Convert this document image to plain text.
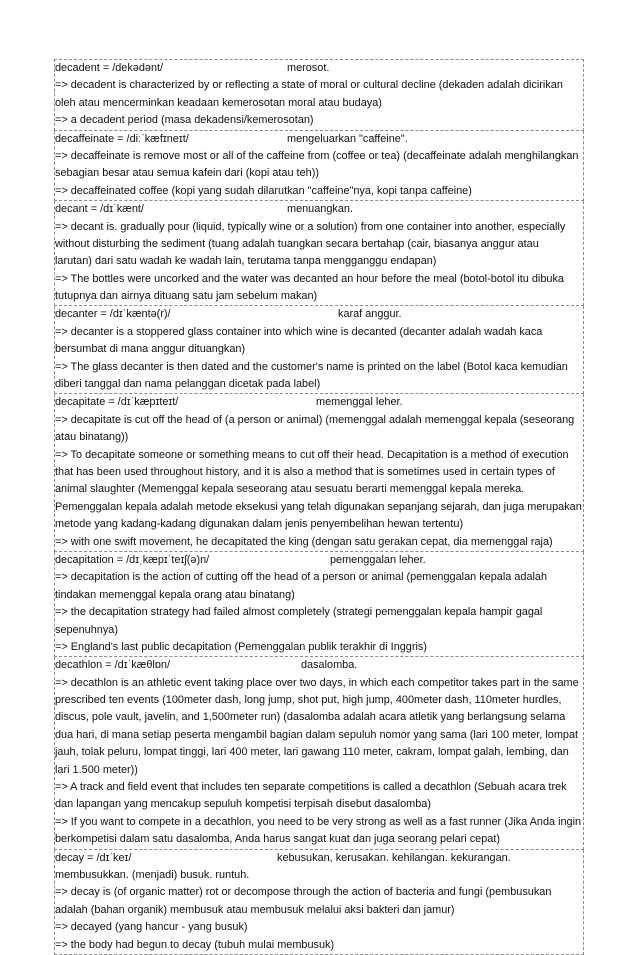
decadent = /dekədənt/	merosot.
=> decadent is characterized by or reflecting a state of moral or cultural decline (dekaden adalah dicirikan
oleh atau mencerminkan keadaan kemerosotan moral atau budaya)
=> a decadent period (masa dekadensi/kemerosotan)
decaffeinate = /diːˈkæfɪneɪt/	mengeluarkan "caffeine".
=> decaffeinate is remove most or all of the caffeine from (coffee or tea) (decaffeinate adalah menghilangkan
sebagian besar atau semua kafein dari (kopi atau teh))
=> decaffeinated coffee (kopi yang sudah dilarutkan "caffeine"nya, kopi tanpa caffeine)
decant = /dɪˈkænt/	menuangkan.
=> decant is. gradually pour (liquid, typically wine or a solution) from one container into another, especially
without disturbing the sediment (tuang adalah tuangkan secara bertahap (cair, biasanya anggur atau
larutan) dari satu wadah ke wadah lain, terutama tanpa mengganggu endapan)
=> The bottles were uncorked and the water was decanted an hour before the meal (botol-botol itu dibuka
tutupnya dan airnya dituang satu jam sebelum makan)
decanter = /dɪˈkæntə(r)/	karaf anggur.
=> decanter is a stoppered glass container into which wine is decanted (decanter adalah wadah kaca
bersumbat di mana anggur dituangkan)
=> The glass decanter is then dated and the customer's name is printed on the label (Botol kaca kemudian
diberi tanggal dan nama pelanggan dicetak pada label)
decapitate = /dɪˈkæpɪteɪt/	memenggal leher.
=> decapitate is cut off the head of (a person or animal) (memenggal adalah memenggal kepala (seseorang
atau binatang))
=> To decapitate someone or something means to cut off their head. Decapitation is a method of execution
that has been used throughout history, and it is also a method that is sometimes used in certain types of
animal slaughter (Memenggal kepala seseorang atau sesuatu berarti memenggal kepala mereka.
Pemenggalan kepala adalah metode eksekusi yang telah digunakan sepanjang sejarah, dan juga merupakan
metode yang kadang-kadang digunakan dalam jenis penyembelihan hewan tertentu)
=> with one swift movement, he decapitated the king (dengan satu gerakan cepat, dia memenggal raja)
decapitation = /dɪˌkæpɪˈteɪʃ(ə)n/	pemenggalan leher.
=> decapitation is the action of cutting off the head of a person or animal (pemenggalan kepala adalah
tindakan memenggal kepala orang atau binatang)
=> the decapitation strategy had failed almost completely (strategi pemenggalan kepala hampir gagal
sepenuhnya)
=> England's last public decapitation (Pemenggalan publik terakhir di Inggris)
decathlon = /dɪˈkæθlɒn/	dasalomba.
=> decathlon is an athletic event taking place over two days, in which each competitor takes part in the same
prescribed ten events (100meter dash, long jump, shot put, high jump, 400meter dash, 110meter hurdles,
discus, pole vault, javelin, and 1,500meter run) (dasalomba adalah acara atletik yang berlangsung selama
dua hari, di mana setiap peserta mengambil bagian dalam sepuluh nomor yang sama (lari 100 meter, lompat
jauh, tolak peluru, lompat tinggi, lari 400 meter, lari gawang 110 meter, cakram, lompat galah, lembing, dan
lari 1.500 meter))
=> A track and field event that includes ten separate competitions is called a decathlon (Sebuah acara trek
dan lapangan yang mencakup sepuluh kompetisi terpisah disebut dasalomba)
=> If you want to compete in a decathlon, you need to be very strong as well as a fast runner (Jika Anda ingin
berkompetisi dalam satu dasalomba, Anda harus sangat kuat dan juga seorang pelari cepat)
decay = /dɪˈkeɪ/	kebusukan, kerusakan. kehilangan. kekurangan.
membusukkan. (menjadi) busuk. runtuh.
=> decay is (of organic matter) rot or decompose through the action of bacteria and fungi (pembusukan
adalah (bahan organik) membusuk atau membusuk melalui aksi bakteri dan jamur)
=> decayed (yang hancur - yang busuk)
=> the body had begun to decay (tubuh mulai membusuk)
